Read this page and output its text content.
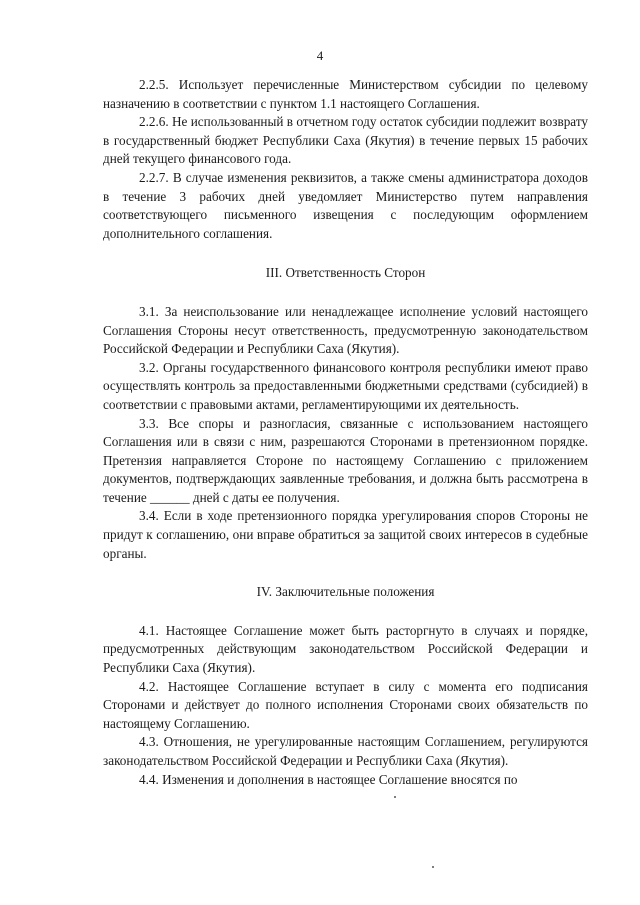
4

2.2.5. Использует перечисленные Министерством субсидии по целевому назначению в соответствии с пунктом 1.1 настоящего Соглашения.

2.2.6. Не использованный в отчетном году остаток субсидии подлежит возврату в государственный бюджет Республики Саха (Якутия) в течение первых 15 рабочих дней текущего финансового года.

2.2.7. В случае изменения реквизитов, а также смены администратора доходов в течение 3 рабочих дней уведомляет Министерство путем направления соответствующего письменного извещения с последующим оформлением дополнительного соглашения.

III. Ответственность Сторон

3.1. За неиспользование или ненадлежащее исполнение условий настоящего Соглашения Стороны несут ответственность, предусмотренную законодательством Российской Федерации и Республики Саха (Якутия).

3.2. Органы государственного финансового контроля республики имеют право осуществлять контроль за предоставленными бюджетными средствами (субсидией) в соответствии с правовыми актами, регламентирующими их деятельность.

3.3. Все споры и разногласия, связанные с использованием настоящего Соглашения или в связи с ним, разрешаются Сторонами в претензионном порядке. Претензия направляется Стороне по настоящему Соглашению с приложением документов, подтверждающих заявленные требования, и должна быть рассмотрена в течение ______ дней с даты ее получения.

3.4. Если в ходе претензионного порядка урегулирования споров Стороны не придут к соглашению, они вправе обратиться за защитой своих интересов в судебные органы.

IV. Заключительные положения

4.1. Настоящее Соглашение может быть расторгнуто в случаях и порядке, предусмотренных действующим законодательством Российской Федерации и Республики Саха (Якутия).

4.2. Настоящее Соглашение вступает в силу с момента его подписания Сторонами и действует до полного исполнения Сторонами своих обязательств по настоящему Соглашению.

4.3. Отношения, не урегулированные настоящим Соглашением, регулируются законодательством Российской Федерации и Республики Саха (Якутия).

4.4. Изменения и дополнения в настоящее Соглашение вносятся по
